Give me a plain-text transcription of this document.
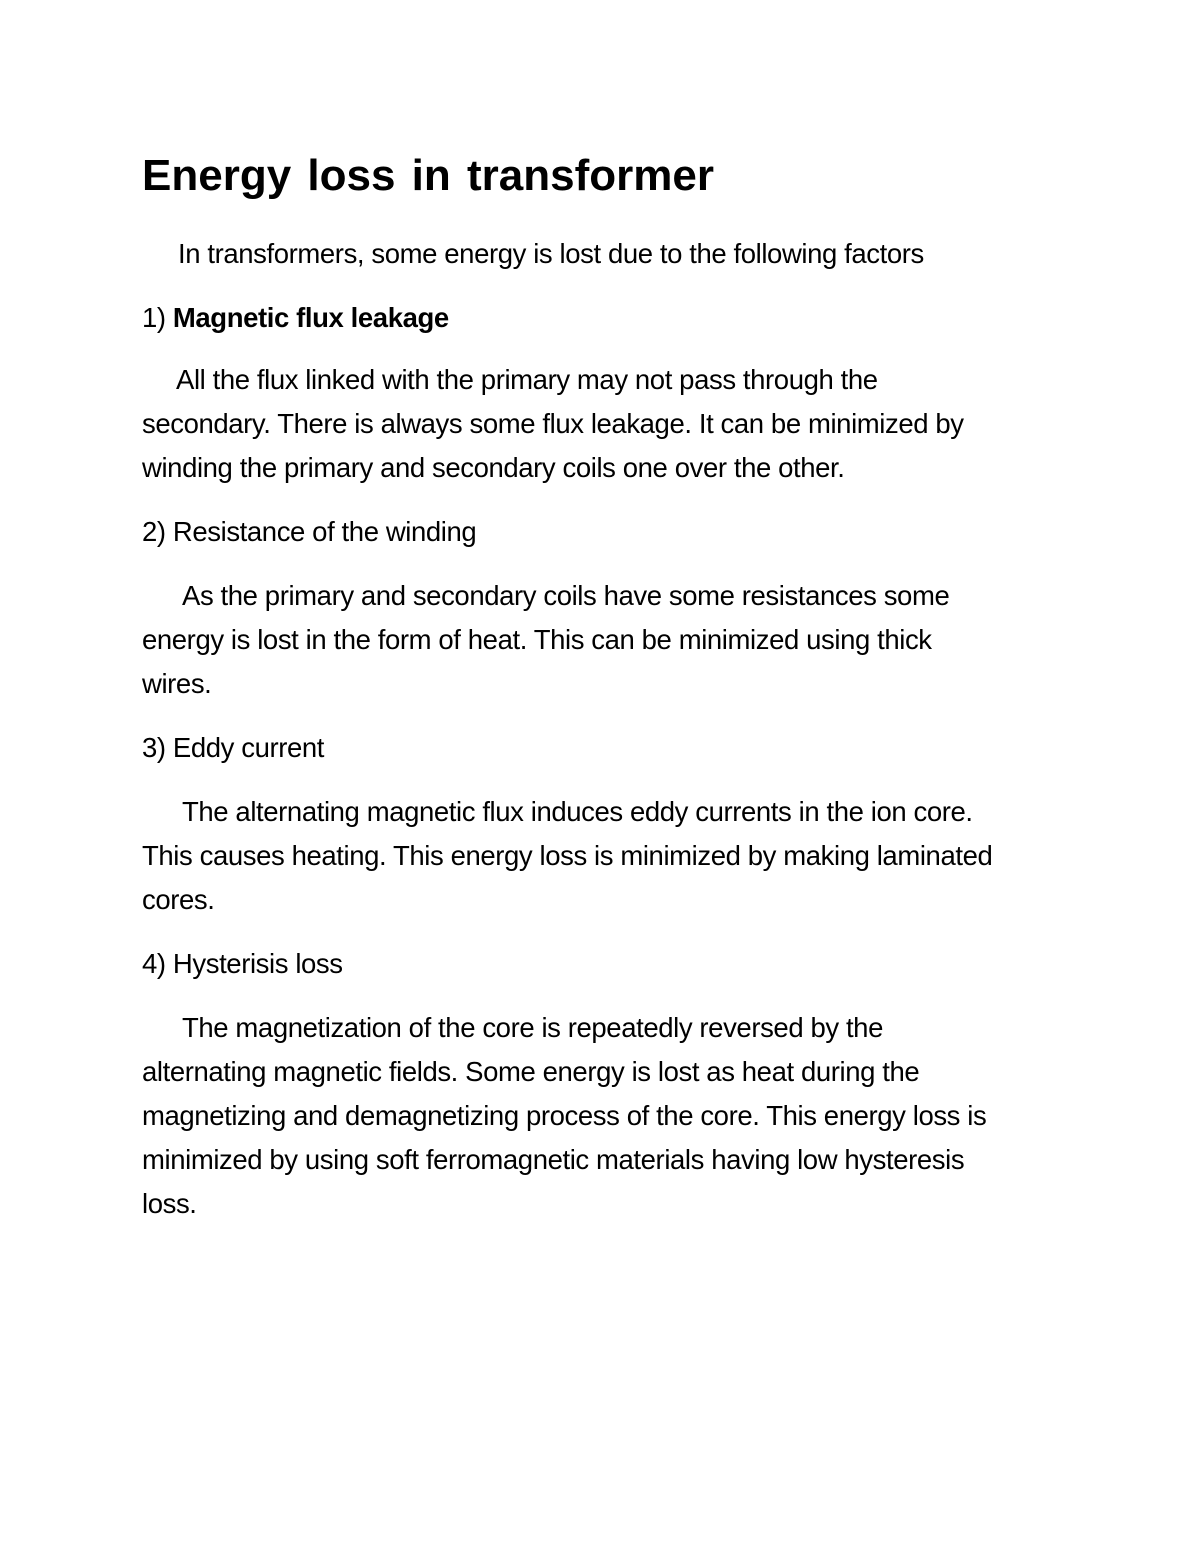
Energy loss in transformer
In transformers, some energy is lost due to the following factors
1) Magnetic flux leakage
All the flux linked with the primary may not pass through the
secondary. There is always some flux leakage. It can be minimized by
winding the primary and secondary coils one over the other.
2) Resistance of the winding
As the primary and secondary coils have some resistances some
energy is lost in the form of heat. This can be minimized using thick
wires.
3) Eddy current
The alternating magnetic flux induces eddy currents in the ion core.
This causes heating. This energy loss is minimized by making laminated
cores.
4) Hysterisis loss
The magnetization of the core is repeatedly reversed by the
alternating magnetic fields. Some energy is lost as heat during the
magnetizing and demagnetizing process of the core. This energy loss is
minimized by using soft ferromagnetic materials having low hysteresis
loss.
